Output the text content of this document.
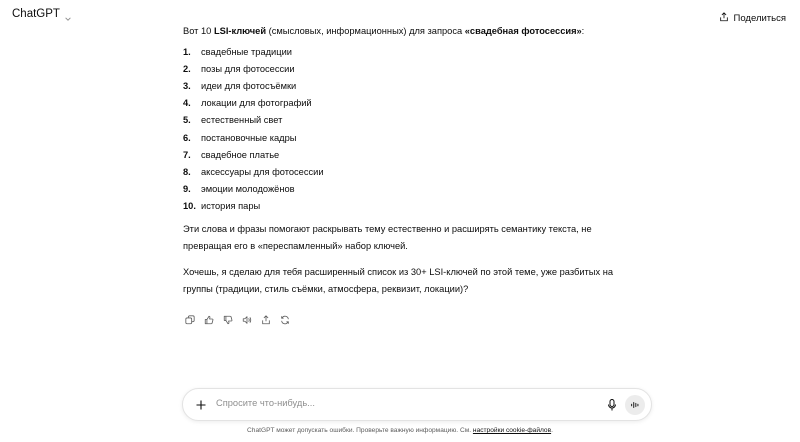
ChatGPT	Поделиться
Вот 10 LSI-ключей (смысловых, информационных) для запроса «свадебная фотосессия»:
1.	свадебные традиции
2.	позы для фотосессии
3.	идеи для фотосъёмки
4.	локации для фотографий
5.	естественный свет
6.	постановочные кадры
7.	свадебное платье
8.	аксессуары для фотосессии
9.	эмоции молодожёнов
10. история пары

Эти слова и фразы помогают раскрывать тему естественно и расширять семантику текста, не превращая его в «переспамленный» набор ключей.

Хочешь, я сделаю для тебя расширенный список из 30+ LSI-ключей по этой теме, уже разбитых на группы (традиции, стиль съёмки, атмосфера, реквизит, локации)?

Спросите что-нибудь...
ChatGPT может допускать ошибки. Проверьте важную информацию. См. настройки cookie-файлов.
